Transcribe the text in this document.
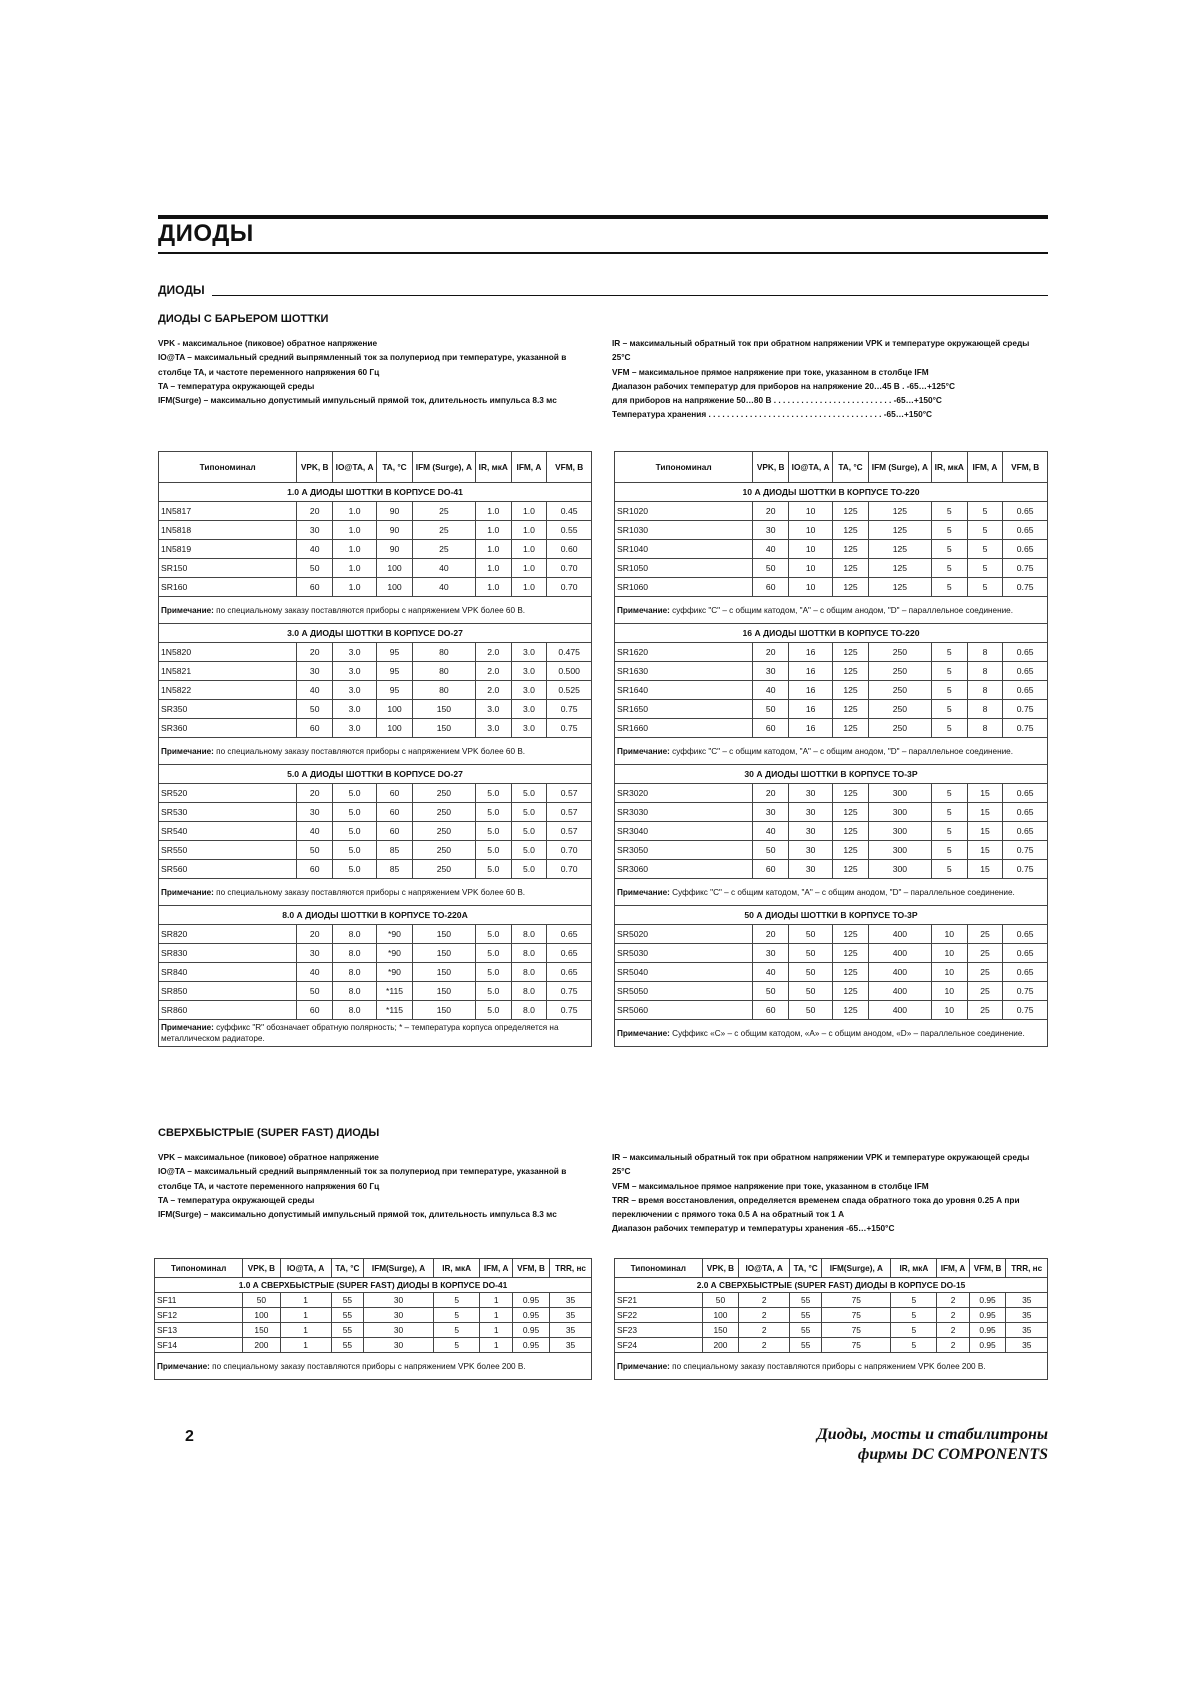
ДИОДЫ
ДИОДЫ
ДИОДЫ С БАРЬЕРОМ ШОТТКИ
VPK - максимальное (пиковое) обратное напряжение
IO@TA – максимальный средний выпрямленный ток за полупериод при температуре, указанной в столбце TA, и частоте переменного напряжения 60 Гц
TA – температура окружающей среды
IFM(Surge) – максимально допустимый импульсный прямой ток, длительность импульса 8.3 мс
IR – максимальный обратный ток при обратном напряжении VPK и температуре окружающей среды 25°C
VFM – максимальное прямое напряжение при токе, указанном в столбце IFM
Диапазон рабочих температур для приборов на напряжение 20…45 В . -65…+125°C
для приборов на напряжение 50…80 В . . . . . . . . . . . . . . . . . . . . . . . . . . -65…+150°C
Температура хранения . . . . . . . . . . . . . . . . . . . . . . . . . . . . . . . . . . . . . . -65…+150°C
Типономинал	VPK, В	IO@TA, А	TA, °C	IFM (Surge), А	IR, мкА	IFM, А	VFM, В
1.0 А ДИОДЫ ШОТТКИ В КОРПУСЕ DO-41							
1N5817	20	1.0	90	25	1.0	1.0	0.45
1N5818	30	1.0	90	25	1.0	1.0	0.55
1N5819	40	1.0	90	25	1.0	1.0	0.60
SR150	50	1.0	100	40	1.0	1.0	0.70
SR160	60	1.0	100	40	1.0	1.0	0.70
Примечание: по специальному заказу поставляются приборы с напряжением VPK более 60 В.							
3.0 А ДИОДЫ ШОТТКИ В КОРПУСЕ DO-27							
1N5820	20	3.0	95	80	2.0	3.0	0.475
1N5821	30	3.0	95	80	2.0	3.0	0.500
1N5822	40	3.0	95	80	2.0	3.0	0.525
SR350	50	3.0	100	150	3.0	3.0	0.75
SR360	60	3.0	100	150	3.0	3.0	0.75
Примечание: по специальному заказу поставляются приборы с напряжением VPK более 60 В.							
5.0 А ДИОДЫ ШОТТКИ В КОРПУСЕ DO-27							
SR520	20	5.0	60	250	5.0	5.0	0.57
SR530	30	5.0	60	250	5.0	5.0	0.57
SR540	40	5.0	60	250	5.0	5.0	0.57
SR550	50	5.0	85	250	5.0	5.0	0.70
SR560	60	5.0	85	250	5.0	5.0	0.70
Примечание: по специальному заказу поставляются приборы с напряжением VPK более 60 В.							
8.0 А ДИОДЫ ШОТТКИ В КОРПУСЕ ТО-220А							
SR820	20	8.0	*90	150	5.0	8.0	0.65
SR830	30	8.0	*90	150	5.0	8.0	0.65
SR840	40	8.0	*90	150	5.0	8.0	0.65
SR850	50	8.0	*115	150	5.0	8.0	0.75
SR860	60	8.0	*115	150	5.0	8.0	0.75
Примечание: суффикс "R" обозначает обратную полярность; * – температура корпуса определяется на металлическом радиаторе.							
Типономинал	VPK, В	IO@TA, А	TA, °C	IFM (Surge), А	IR, мкА	IFM, А	VFM, В
10 А ДИОДЫ ШОТТКИ В КОРПУСЕ ТО-220							
SR1020	20	10	125	125	5	5	0.65
SR1030	30	10	125	125	5	5	0.65
SR1040	40	10	125	125	5	5	0.65
SR1050	50	10	125	125	5	5	0.75
SR1060	60	10	125	125	5	5	0.75
Примечание: суффикс "C" – с общим катодом, "A" – с общим анодом, "D" – параллельное соединение.							
16 А ДИОДЫ ШОТТКИ В КОРПУСЕ ТО-220							
SR1620	20	16	125	250	5	8	0.65
SR1630	30	16	125	250	5	8	0.65
SR1640	40	16	125	250	5	8	0.65
SR1650	50	16	125	250	5	8	0.75
SR1660	60	16	125	250	5	8	0.75
Примечание: суффикс "C" – с общим катодом, "A" – с общим анодом, "D" – параллельное соединение.							
30 А ДИОДЫ ШОТТКИ В КОРПУСЕ ТО-3Р							
SR3020	20	30	125	300	5	15	0.65
SR3030	30	30	125	300	5	15	0.65
SR3040	40	30	125	300	5	15	0.65
SR3050	50	30	125	300	5	15	0.75
SR3060	60	30	125	300	5	15	0.75
Примечание: Суффикс "C" – с общим катодом, "A" – с общим анодом, "D" – параллельное соединение.							
50 А ДИОДЫ ШОТТКИ В КОРПУСЕ ТО-3Р							
SR5020	20	50	125	400	10	25	0.65
SR5030	30	50	125	400	10	25	0.65
SR5040	40	50	125	400	10	25	0.65
SR5050	50	50	125	400	10	25	0.75
SR5060	60	50	125	400	10	25	0.75
Примечание: Суффикс «C» – с общим катодом, «A» – с общим анодом, «D» – параллельное соединение.							
СВЕРХБЫСТРЫЕ (SUPER FAST) ДИОДЫ
VPK – максимальное (пиковое) обратное напряжение
IO@TA – максимальный средний выпрямленный ток за полупериод при температуре, указанной в столбце TA, и частоте переменного напряжения 60 Гц
TA – температура окружающей среды
IFM(Surge) – максимально допустимый импульсный прямой ток, длительность импульса 8.3 мс
IR – максимальный обратный ток при обратном напряжении VPK и температуре окружающей среды 25°C
VFM – максимальное прямое напряжение при токе, указанном в столбце IFM
TRR – время восстановления, определяется временем спада обратного тока до уровня 0.25 А при переключении с прямого тока 0.5 А на обратный ток 1 А
Диапазон рабочих температур и температуры хранения -65…+150°C
Типономинал	VPK, В	IO@TA, А	TA, °C	IFM(Surge), А	IR, мкА	IFM, А	VFM, В	TRR, нс
1.0 А СВЕРХБЫСТРЫЕ (SUPER FAST) ДИОДЫ В КОРПУСЕ DO-41								
SF11	50	1	55	30	5	1	0.95	35
SF12	100	1	55	30	5	1	0.95	35
SF13	150	1	55	30	5	1	0.95	35
SF14	200	1	55	30	5	1	0.95	35
Примечание: по специальному заказу поставляются приборы с напряжением VPK более 200 В.								
Типономинал	VPK, В	IO@TA, А	TA, °C	IFM(Surge), А	IR, мкА	IFM, А	VFM, В	TRR, нс
2.0 А СВЕРХБЫСТРЫЕ (SUPER FAST) ДИОДЫ В КОРПУСЕ DO-15								
SF21	50	2	55	75	5	2	0.95	35
SF22	100	2	55	75	5	2	0.95	35
SF23	150	2	55	75	5	2	0.95	35
SF24	200	2	55	75	5	2	0.95	35
Примечание: по специальному заказу поставляются приборы с напряжением VPK более 200 В.								
2	Диоды, мосты и стабилитроны
фирмы DC COMPONENTS
